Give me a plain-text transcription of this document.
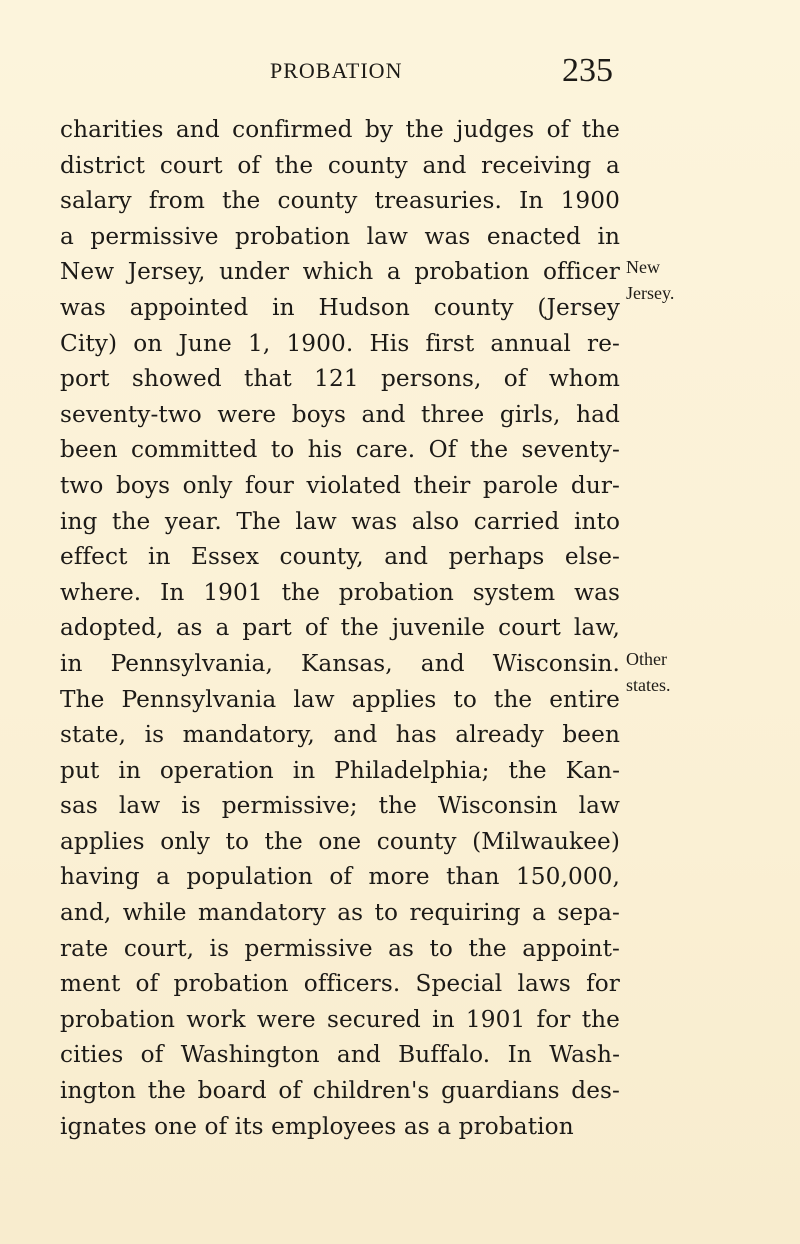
PROBATION	235
charities and confirmed by the judges of the
district court of the county and receiving a
salary from the county treasuries. In 1900
a permissive probation law was enacted in
New Jersey, under which a probation officer
was appointed in Hudson county (Jersey
City) on June 1, 1900. His first annual re-
port showed that 121 persons, of whom
seventy-two were boys and three girls, had
been committed to his care. Of the seventy-
two boys only four violated their parole dur-
ing the year. The law was also carried into
effect in Essex county, and perhaps else-
where. In 1901 the probation system was
adopted, as a part of the juvenile court law,
in Pennsylvania, Kansas, and Wisconsin.
The Pennsylvania law applies to the entire
state, is mandatory, and has already been
put in operation in Philadelphia; the Kan-
sas law is permissive; the Wisconsin law
applies only to the one county (Milwaukee)
having a population of more than 150,000,
and, while mandatory as to requiring a sepa-
rate court, is permissive as to the appoint-
ment of probation officers. Special laws for
probation work were secured in 1901 for the
cities of Washington and Buffalo. In Wash-
ington the board of children's guardians des-
ignates one of its employees as a probation
New
Jersey.
Other
states.
